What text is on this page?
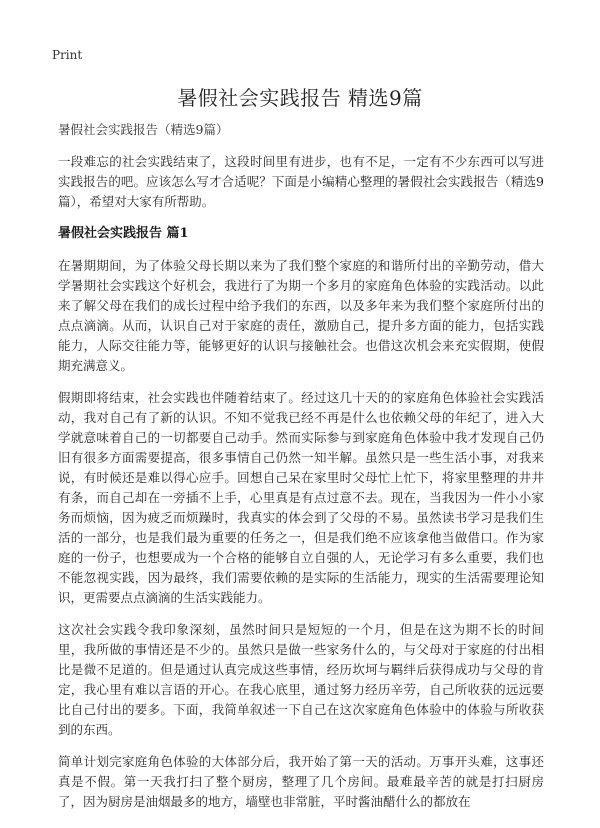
Print
暑假社会实践报告 精选9篇

暑假社会实践报告（精选9篇）

一段难忘的社会实践结束了，这段时间里有进步，也有不足，一定有不少东西可以写进实践报告的吧。应该怎么写才合适呢？下面是小编精心整理的暑假社会实践报告（精选9篇），希望对大家有所帮助。

暑假社会实践报告 篇1

在暑期期间，为了体验父母长期以来为了我们整个家庭的和谐所付出的辛勤劳动，借大学暑期社会实践这个好机会，我进行了为期一个多月的家庭角色体验的实践活动。以此来了解父母在我们的成长过程中给予我们的东西，以及多年来为我们整个家庭所付出的点点滴滴。从而，认识自己对于家庭的责任，激励自己，提升多方面的能力，包括实践能力，人际交往能力等，能够更好的认识与接触社会。也借这次机会来充实假期，使假期充满意义。

假期即将结束，社会实践也伴随着结束了。经过这几十天的的家庭角色体验社会实践活动，我对自己有了新的认识。不知不觉我已经不再是什么也依赖父母的年纪了，进入大学就意味着自己的一切都要自己动手。然而实际参与到家庭角色体验中我才发现自己仍旧有很多方面需要提高，很多事情自己仍然一知半解。虽然只是一些生活小事，对我来说，有时候还是难以得心应手。回想自己呆在家里时父母忙上忙下，将家里整理的井井有条，而自己却在一旁插不上手，心里真是有点过意不去。现在，当我因为一件小小家务而烦恼，因为疲乏而烦躁时，我真实的体会到了父母的不易。虽然读书学习是我们生活的一部分，也是我们最为重要的任务之一，但是我们绝不应该拿他当做借口。作为家庭的一份子，也想要成为一个合格的能够自立自强的人，无论学习有多么重要，我们也不能忽视实践，因为最终，我们需要依赖的是实际的生活能力，现实的生活需要理论知识，更需要点点滴滴的生活实践能力。

这次社会实践令我印象深刻，虽然时间只是短短的一个月，但是在这为期不长的时间里，我所做的事情还是不少的。虽然只是做一些家务什么的，与父母对于家庭的付出相比是微不足道的。但是通过认真完成这些事情，经历坎坷与羁绊后获得成功与父母的肯定，我心里有难以言语的开心。在我心底里，通过努力经历辛劳，自己所收获的远远要比自己付出的要多。下面，我简单叙述一下自己在这次家庭角色体验中的体验与所收获到的东西。

简单计划完家庭角色体验的大体部分后，我开始了第一天的活动。万事开头难，这事还真是不假。第一天我打扫了整个厨房，整理了几个房间。最难最辛苦的就是打扫厨房了，因为厨房是油烟最多的地方，墙壁也非常脏，平时酱油醋什么的都放在
